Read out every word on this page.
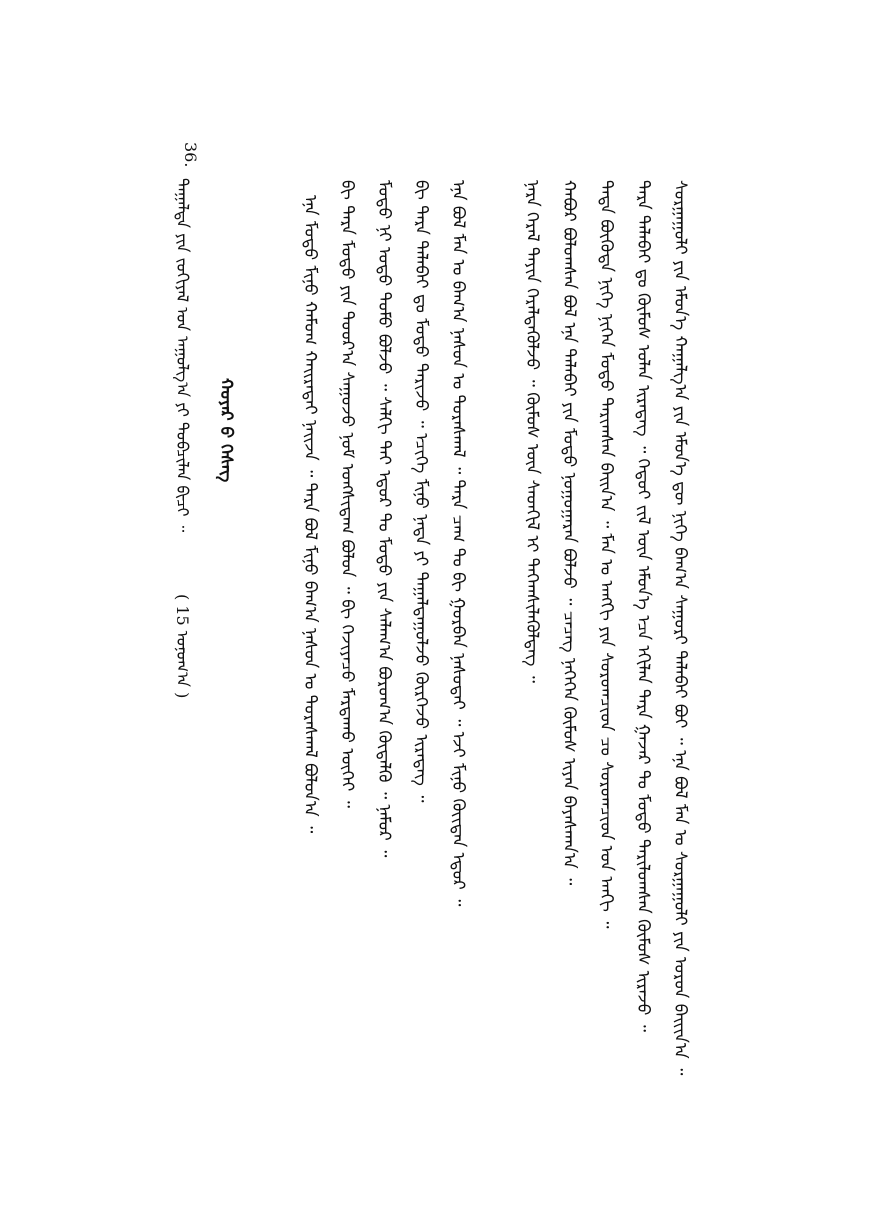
ᠰᠤᠷᠭᠠᠭᠤᠯᠢ ᠶᠢᠨ ᠡᠮᠦᠨ᠎ᠡ ᠬᠠᠭᠠᠯᠭ᠎ᠠ ᠶᠢᠨ ᠡᠮᠦᠨ᠎ᠡ ᠳᠦ ᠨᠢᠭᠡ ᠪᠠᠭ᠎ᠠ ᠰᠠᠭᠤᠷᠢ ᠲᠠᠯᠠᠪᠠᠢ ᠪᠣᠢ ᠃ ᠡᠨᠡ ᠪᠣᠯ ᠮᠠᠨ ᠤ ᠰᠤᠷᠭᠠᠭᠤᠯᠢ ᠶᠢᠨ ᠣᠷᠣᠨ ᠪᠠᠢᠢᠨ᠎ᠠ ᠃
ᠲᠡᠷᠡ ᠲᠠᠯᠠᠪᠠᠢ ᠳᠤ ᠬᠦᠮᠦᠰ ᠣᠯᠠᠨ ᠢᠷᠡᠳᠡᠭ ᠃ ᠬᠡᠳᠦᠢ ᠵᠢᠯ ᠦᠨ ᠡᠮᠦᠨ᠎ᠡ ᠡᠴᠡ ᠡᠬᠢᠯᠡᠨ ᠲᠡᠷᠡ ᠭᠠᠵᠠᠷ ᠲᠤ ᠮᠣᠳᠣ ᠲᠠᠷᠢᠯᠤᠭᠰᠠᠨ ᠬᠦᠮᠦᠰ ᠢᠷᠡᠵᠦ ᠃
ᠲᠡᠳᠡ ᠪᠦᠭᠦᠳᠡ ᠨᠢᠭᠡ ᠨᠢᠭᠡᠨ ᠮᠣᠳᠣ ᠲᠠᠷᠢᠭᠰᠠᠨ ᠪᠠᠢᠨ᠎ᠠ ᠃ ᠮᠠᠨ ᠤ ᠠᠩᠭᠢ ᠶᠢᠨ ᠰᠤᠷᠤᠭᠴᠢᠳ ᠴᠤ ᠰᠤᠷᠤᠭᠴᠢᠳ ᠤᠨ ᠠᠨᠭᠢ ᠃
ᠬᠠᠪᠤᠷ ᠪᠣᠯᠤᠭᠰᠠᠨ ᠪᠣᠯ ᠡᠨᠡ ᠲᠠᠯᠠᠪᠠᠢ ᠶᠢᠨ ᠮᠣᠳᠣ ᠨᠤᠭᠣᠭᠠᠷᠠᠨ ᠪᠣᠯᠵᠤ ᠃ ᠴᠡᠴᠡᠭ ᠨᠡᠭᠡᠭᠡᠨ ᠬᠦᠮᠦᠰ ᠢᠶᠡᠨ ᠪᠠᠶᠠᠰᠬᠠᠨ᠎ᠠ ᠃
ᠨᠠᠷᠠ ᠭᠡᠷᠡᠯ ᠲᠡᠶᠢᠨ ᠭᠡᠷᠡᠯᠲᠡᠭᠦᠯᠵᠦ ᠃ ᠬᠦᠮᠦᠰ ᠦᠨ ᠰᠡᠳᠬᠢᠯ ᠢ ᠳᠡᠭᠡᠭ᠍ᠰᠢᠯᠡᠭᠦᠯᠳᠡᠭ ᠃
ᠡᠨᠡ ᠪᠣᠯ ᠮᠠᠨ ᠤ ᠪᠠᠭ᠎ᠠ ᠨᠠᠰᠤᠨ ᠤ ᠳᠤᠷᠠᠰᠬᠠᠯ ᠃ ᠲᠡᠷᠡ ᠴᠠᠭ ᠲᠤ ᠪᠢ ᠭᠤᠷᠪᠠᠨ ᠨᠠᠰᠤᠲᠠᠢ ᠃ ᠡᠵᠢ ᠮᠢᠨᠤ ᠬᠦᠢᠲᠡᠨ ᠡᠳᠦᠷ ᠃
ᠪᠢ ᠲᠡᠷᠡ ᠲᠠᠯᠠᠪᠠᠢ ᠳᠤ ᠮᠣᠳᠣ ᠲᠠᠷᠢᠵᠤ ᠃ ᠡᠴᠢᠭᠡ ᠮᠢᠨᠤ ᠨᠠᠳᠠ ᠶᠢ ᠳᠠᠭᠠᠯᠳᠠᠭᠤᠯᠵᠤ ᠬᠦᠷᠭᠡᠵᠦ ᠢᠷᠡᠳᠡᠭ ᠃
ᠮᠣᠳᠣ ᠨᠢ ᠣᠳᠣ ᠲᠣᠮᠣ ᠪᠣᠯᠵᠤ ᠃ ᠰᠠᠯᠬᠢ ᠲᠠᠢ ᠡᠳᠦᠷ ᠲᠤ ᠮᠣᠳᠣ ᠶᠢᠨ ᠰᠠᠯᠠᠭ᠎ᠠ ᠪᠣᠷᠤᠭ᠎ᠠ ᠬᠥᠳᠡᠯᠬᠦ ᠃ ᠨᠠᠮᠤᠷ ᠃
ᠪᠢ ᠲᠡᠷᠡ ᠮᠣᠳᠣ ᠶᠢᠨ ᠳᠣᠣᠷ᠎ᠠ ᠰᠠᠭᠤᠵᠤ ᠨᠣᠮ ᠤᠩᠰᠢᠳᠠᠭ ᠪᠣᠯᠤᠨ ᠃ ᠪᠢ ᠬᠡᠵᠢᠶᠡᠴᠤ ᠮᠠᠷᠲᠠᠬᠤ ᠦᠭᠡᠢ ᠃
ᠡᠨᠡ ᠮᠣᠳᠣ ᠮᠢᠨᠤ ᠬᠠᠮᠤᠭ ᠬᠠᠢᠷᠠᠲᠠᠢ ᠨᠠᠢᠵᠠ ᠃ ᠲᠡᠷᠡ ᠪᠣᠯ ᠮᠢᠨᠤ ᠪᠠᠭ᠎ᠠ ᠨᠠᠰᠤᠨ ᠤ ᠳᠤᠷᠠᠰᠬᠠᠯ ᠪᠣᠯᠤᠨ᠎ᠠ ᠃
ᠬᠣᠶᠠᠷ ᠪ ᠬᠡᠰᠡᠭ
36.
ᠳᠠᠭᠠᠯᠳᠠ ᠶᠢᠨ ᠵᠣᠬᠢᠶᠠᠯ ᠤᠨ ᠠᠭᠤᠯᠭ᠎ᠠ ᠶᠢ ᠲᠣᠪᠴᠢᠯᠠᠨ ᠪᠢᠴᠢ ᠃
( 15 ᠣᠨᠤᠭ᠎ᠠ )
